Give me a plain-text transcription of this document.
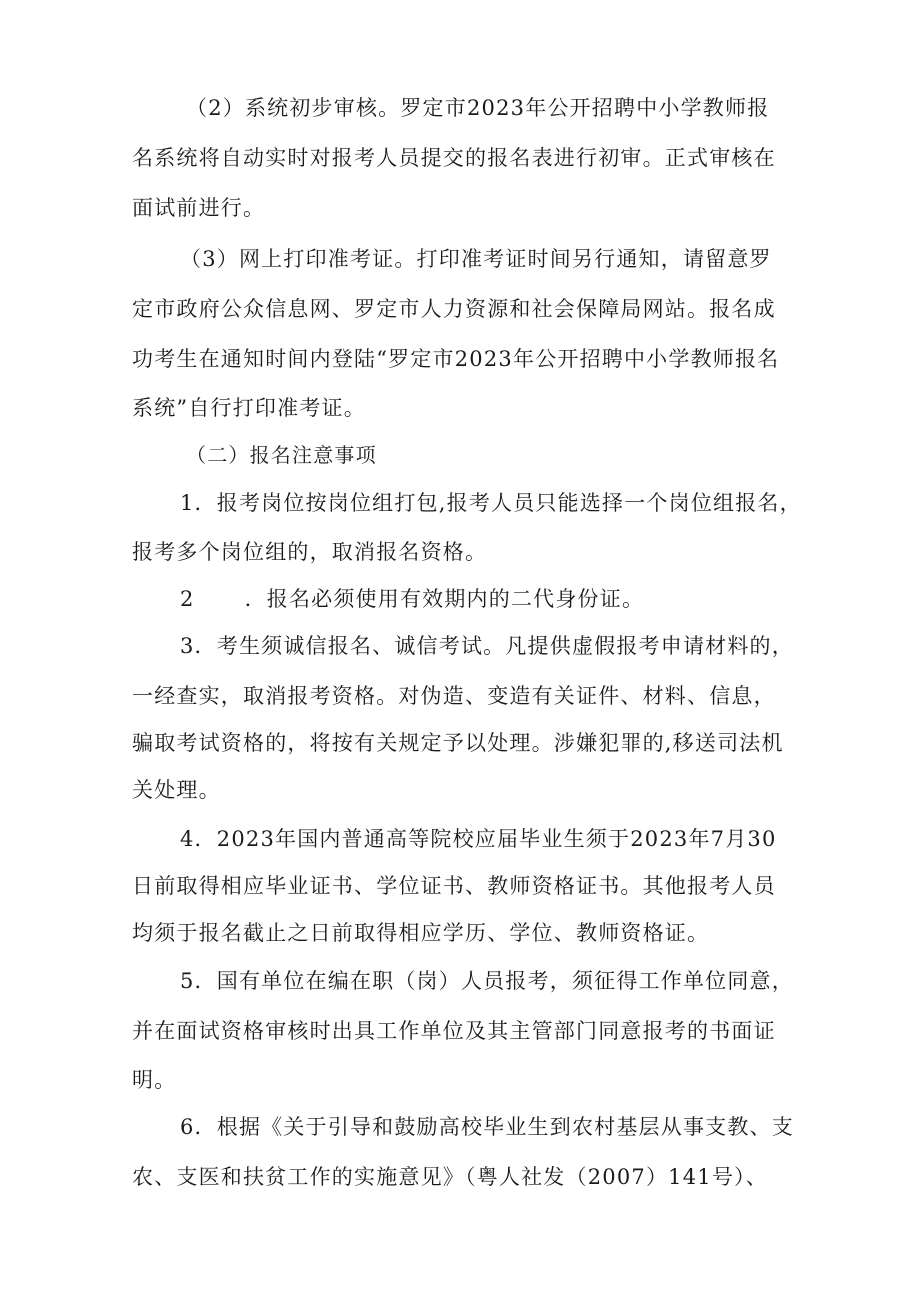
（2）系统初步审核。罗定市2023年公开招聘中小学教师报
名系统将自动实时对报考人员提交的报名表进行初审。正式审核在
面试前进行。
（3）网上打印准考证。打印准考证时间另行通知，请留意罗
定市政府公众信息网、罗定市人力资源和社会保障局网站。报名成
功考生在通知时间内登陆“罗定市2023年公开招聘中小学教师报名
系统”自行打印准考证。
（二）报名注意事项
1．报考岗位按岗位组打包,报考人员只能选择一个岗位组报名，
报考多个岗位组的，取消报名资格。
2 ．报名必须使用有效期内的二代身份证。
3．考生须诚信报名、诚信考试。凡提供虚假报考申请材料的，
一经查实，取消报考资格。对伪造、变造有关证件、材料、信息，
骗取考试资格的，将按有关规定予以处理。涉嫌犯罪的,移送司法机
关处理。
4．2023年国内普通高等院校应届毕业生须于2023年7月30
日前取得相应毕业证书、学位证书、教师资格证书。其他报考人员
均须于报名截止之日前取得相应学历、学位、教师资格证。
5．国有单位在编在职（岗）人员报考，须征得工作单位同意，
并在面试资格审核时出具工作单位及其主管部门同意报考的书面证
明。
6．根据《关于引导和鼓励高校毕业生到农村基层从事支教、支
农、支医和扶贫工作的实施意见》（粤人社发（2007）141号）、
